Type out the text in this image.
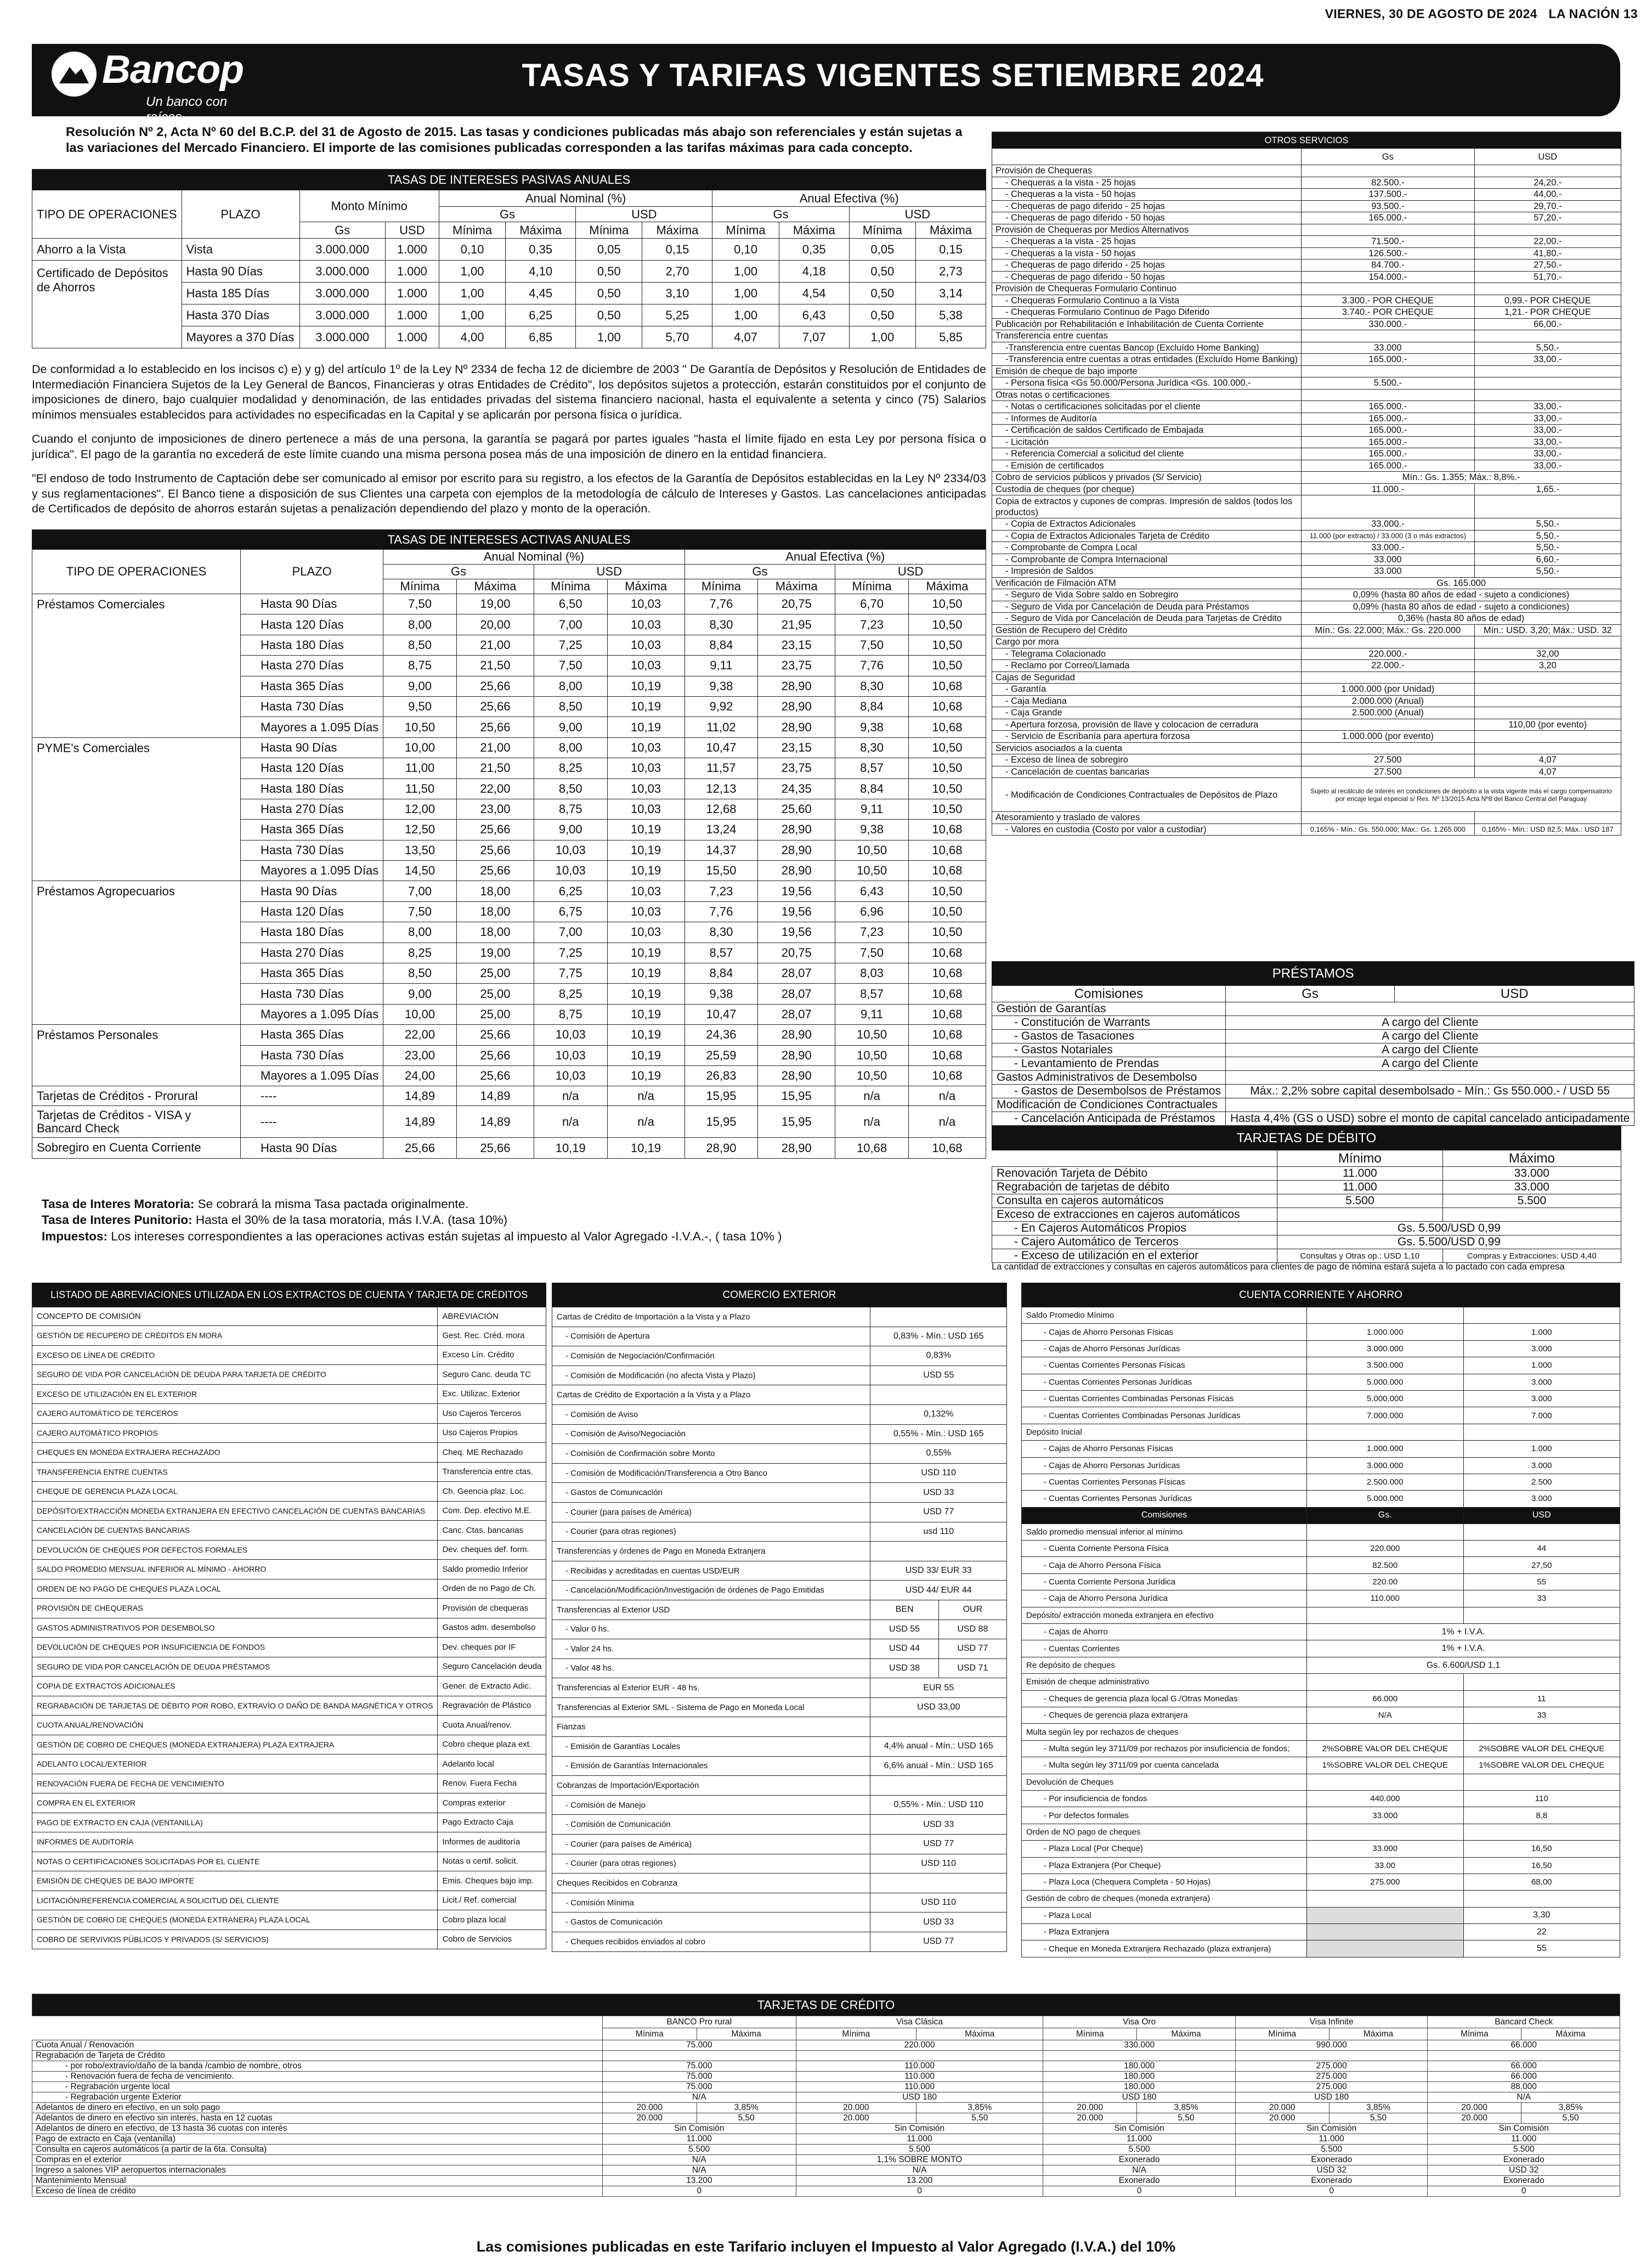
VIERNES, 30 DE AGOSTO DE 2024 LA NACIÓN 13
Bancop
Un banco con raíces
TASAS Y TARIFAS VIGENTES SETIEMBRE 2024
Resolución Nº 2, Acta Nº 60 del B.C.P. del 31 de Agosto de 2015. Las tasas y condiciones publicadas más abajo son referenciales y están sujetas a las variaciones del Mercado Financiero. El importe de las comisiones publicadas corresponden a las tarifas máximas para cada concepto.
TASAS DE INTERESES PASIVAS ANUALES											
TIPO DE OPERACIONES	PLAZO	Monto Mínimo		Anual Nominal (%)				Anual Efectiva (%)			
				Gs		USD		Gs		USD	
		Gs	USD	Mínima	Máxima	Mínima	Máxima	Mínima	Máxima	Mínima	Máxima
Ahorro a la Vista	Vista	3.000.000	1.000	0,10	0,35	0,05	0,15	0,10	0,35	0,05	0,15
Certificado de Depósitos de Ahorros	Hasta 90 Días	3.000.000	1.000	1,00	4,10	0,50	2,70	1,00	4,18	0,50	2,73
	Hasta 185 Días	3.000.000	1.000	1,00	4,45	0,50	3,10	1,00	4,54	0,50	3,14
	Hasta 370 Días	3.000.000	1.000	1,00	6,25	0,50	5,25	1,00	6,43	0,50	5,38
	Mayores a 370 Días	3.000.000	1.000	4,00	6,85	1,00	5,70	4,07	7,07	1,00	5,85

De conformidad a lo establecido en los incisos c) e) y g) del artículo 1º de la Ley Nº 2334 de fecha 12 de diciembre de 2003 " De Garantía de Depósitos y Resolución de Entidades de Intermediación Financiera Sujetos de la Ley General de Bancos, Financieras y otras Entidades de Crédito", los depósitos sujetos a protección, estarán constituidos por el conjunto de imposiciones de dinero, bajo cualquier modalidad y denominación, de las entidades privadas del sistema financiero nacional, hasta el equivalente a setenta y cinco (75) Salarios mínimos mensuales establecidos para actividades no especificadas en la Capital y se aplicarán por persona física o jurídica.

Cuando el conjunto de imposiciones de dinero pertenece a más de una persona, la garantía se pagará por partes iguales "hasta el límite fijado en esta Ley por persona física o jurídica". El pago de la garantía no excederá de este límite cuando una misma persona posea más de una imposición de dinero en la entidad financiera.

"El endoso de todo Instrumento de Captación debe ser comunicado al emisor por escrito para su registro, a los efectos de la Garantía de Depósitos establecidas en la Ley Nº 2334/03 y sus reglamentaciones". El Banco tiene a disposición de sus Clientes una carpeta con ejemplos de la metodología de cálculo de Intereses y Gastos. Las cancelaciones anticipadas de Certificados de depósito de ahorros estarán sujetas a penalización dependiendo del plazo y monto de la operación.

TASAS DE INTERESES ACTIVAS ANUALES									
TIPO DE OPERACIONES	PLAZO	Anual Nominal (%)				Anual Efectiva (%)			
		Gs		USD		Gs		USD	
		Mínima	Máxima	Mínima	Máxima	Mínima	Máxima	Mínima	Máxima
Préstamos Comerciales	Hasta 90 Días	7,50	19,00	6,50	10,03	7,76	20,75	6,70	10,50
	Hasta 120 Días	8,00	20,00	7,00	10,03	8,30	21,95	7,23	10,50
	Hasta 180 Días	8,50	21,00	7,25	10,03	8,84	23,15	7,50	10,50
	Hasta 270 Días	8,75	21,50	7,50	10,03	9,11	23,75	7,76	10,50
	Hasta 365 Días	9,00	25,66	8,00	10,19	9,38	28,90	8,30	10,68
	Hasta 730 Días	9,50	25,66	8,50	10,19	9,92	28,90	8,84	10,68
	Mayores a 1.095 Días	10,50	25,66	9,00	10,19	11,02	28,90	9,38	10,68
PYME's Comerciales	Hasta 90 Días	10,00	21,00	8,00	10,03	10,47	23,15	8,30	10,50
	Hasta 120 Días	11,00	21,50	8,25	10,03	11,57	23,75	8,57	10,50
	Hasta 180 Días	11,50	22,00	8,50	10,03	12,13	24,35	8,84	10,50
	Hasta 270 Días	12,00	23,00	8,75	10,03	12,68	25,60	9,11	10,50
	Hasta 365 Días	12,50	25,66	9,00	10,19	13,24	28,90	9,38	10,68
	Hasta 730 Días	13,50	25,66	10,03	10,19	14,37	28,90	10,50	10,68
	Mayores a 1.095 Días	14,50	25,66	10,03	10,19	15,50	28,90	10,50	10,68
Préstamos Agropecuarios	Hasta 90 Días	7,00	18,00	6,25	10,03	7,23	19,56	6,43	10,50
	Hasta 120 Días	7,50	18,00	6,75	10,03	7,76	19,56	6,96	10,50
	Hasta 180 Días	8,00	18,00	7,00	10,03	8,30	19,56	7,23	10,50
	Hasta 270 Días	8,25	19,00	7,25	10,19	8,57	20,75	7,50	10,68
	Hasta 365 Días	8,50	25,00	7,75	10,19	8,84	28,07	8,03	10,68
	Hasta 730 Días	9,00	25,00	8,25	10,19	9,38	28,07	8,57	10,68
	Mayores a 1.095 Días	10,00	25,00	8,75	10,19	10,47	28,07	9,11	10,68
Préstamos Personales	Hasta 365 Días	22,00	25,66	10,03	10,19	24,36	28,90	10,50	10,68
	Hasta 730 Días	23,00	25,66	10,03	10,19	25,59	28,90	10,50	10,68
	Mayores a 1.095 Días	24,00	25,66	10,03	10,19	26,83	28,90	10,50	10,68
Tarjetas de Créditos - Prorural	----	14,89	14,89	n/a	n/a	15,95	15,95	n/a	n/a
Tarjetas de Créditos - VISA y Bancard Check	----	14,89	14,89	n/a	n/a	15,95	15,95	n/a	n/a
Sobregiro en Cuenta Corriente	Hasta 90 Días	25,66	25,66	10,19	10,19	28,90	28,90	10,68	10,68
Tasa de Interes Moratoria: Se cobrará la misma Tasa pactada originalmente.
Tasa de Interes Punitorio: Hasta el 30% de la tasa moratoria, más I.V.A. (tasa 10%)
Impuestos: Los intereses correspondientes a las operaciones activas están sujetas al impuesto al Valor Agregado -I.V.A.-, ( tasa 10% )
OTROS SERVICIOS		
	Gs	USD
Provisión de Chequeras		
- Chequeras a la vista - 25 hojas	82.500.-	24,20.-
- Chequeras a la vista - 50 hojas	137.500.-	44,00.-
- Chequeras de pago diferido - 25 hojas	93.500.-	29,70.-
- Chequeras de pago diferido - 50 hojas	165.000.-	57,20.-
Provisión de Chequeras por Medios Alternativos		
- Chequeras a la vista - 25 hojas	71.500.-	22,00.-
- Chequeras a la vista - 50 hojas	126.500.-	41,80.-
- Chequeras de pago diferido - 25 hojas	84.700.-	27,50.-
- Chequeras de pago diferido - 50 hojas	154.000.-	51,70.-
Provisión de Chequeras Formulario Continuo		
- Chequeras Formulario Continuo a la Vista	3.300.- POR CHEQUE	0,99.- POR CHEQUE
- Chequeras Formulario Continuo de Pago Diferido	3.740.- POR CHEQUE	1,21.- POR CHEQUE
Publicación por Rehabilitación e Inhabilitación de Cuenta Corriente	330.000.-	66,00.-
Transferencia entre cuentas		
-Transferencia entre cuentas Bancop (Excluído Home Banking)	33.000	5,50.-
-Transferencia entre cuentas a otras entidades (Excluído Home Banking)	165.000.-	33,00.-
Emisión de cheque de bajo importe		
- Persona física <Gs 50.000/Persona Jurídica <Gs. 100.000.-	5.500.-	
Otras notas o certificaciones		
- Notas o certificaciones solicitadas por el cliente	165.000.-	33,00.-
- Informes de Auditoría	165.000.-	33,00.-
- Certificación de saldos Certificado de Embajada	165.000.-	33,00.-
- Licitación	165.000.-	33,00.-
- Referencia Comercial a solicitud del cliente	165.000.-	33,00.-
- Emisión de certificados	165.000.-	33,00.-
Cobro de servicios públicos y privados (S/ Servicio)	Mín.: Gs. 1.355; Máx.: 8,8%.-	
Custodia de cheques (por cheque)	11.000.-	1,65.-
Copia de extractos y cupones de compras. Impresión de saldos (todos los productos)		
- Copia de Extractos Adicionales	33.000.-	5,50.-
- Copia de Extractos Adicionales Tarjeta de Crédito	11.000 (por extracto) / 33.000 (3 o más extractos)	5,50.-
- Comprobante de Compra Local	33.000.-	5,50.-
- Comprobante de Compra Internacional	33.000	6,60.-
- Impresión de Saldos	33.000	5,50.-
Verificación de Filmación ATM	Gs. 165.000	
- Seguro de Vida Sobre saldo en Sobregiro	0,09% (hasta 80 años de edad - sujeto a condiciones)	
- Seguro de Vida por Cancelación de Deuda para Préstamos	0,09% (hasta 80 años de edad - sujeto a condiciones)	
- Seguro de Vida por Cancelación de Deuda para Tarjetas de Crédito	0,36% (hasta 80 años de edad)	
Gestión de Recupero del Crédito	Mín.: Gs. 22.000; Máx.: Gs. 220.000	Mín.: USD. 3,20; Máx.: USD. 32
Cargo por mora		
- Telegrama Colacionado	220.000.-	32,00
- Reclamo por Correo/Llamada	22.000.-	3,20
Cajas de Seguridad		
- Garantía	1.000.000 (por Unidad)	
- Caja Mediana	2.000.000 (Anual)	
- Caja Grande	2.500.000 (Anual)	
- Apertura forzosa, provisión de llave y colocacion de cerradura		110,00 (por evento)
- Servicio de Escribanía para apertura forzosa	1.000.000 (por evento)	
Servicios asociados a la cuenta		
- Exceso de línea de sobregiro	27.500	4,07
- Cancelación de cuentas bancarias	27.500	4,07
- Modificación de Condiciones Contractuales de Depósitos de Plazo	Sujeto al recálculo de interés en condiciones de depósito a la vista vigente más el cargo compensatorio por encaje legal especial s/ Res. Nº 13/2015 Acta Nº8 del Banco Central del Paraguay	
Atesoramiento y traslado de valores		
- Valores en custodia (Costo por valor a custodiar)	0,165% - Mín.: Gs. 550.000; Máx.: Gs. 1.265.000	0,165% - Mín.: USD 82,5; Máx.: USD 187
PRÉSTAMOS		
Comisiones	Gs	USD
Gestión de Garantías		
- Constitución de Warrants	A cargo del Cliente	
- Gastos de Tasaciones	A cargo del Cliente	
- Gastos Notariales	A cargo del Cliente	
- Levantamiento de Prendas	A cargo del Cliente	
Gastos Administrativos de Desembolso		
- Gastos de Desembolsos de Préstamos	Máx.: 2,2% sobre capital desembolsado - Mín.: Gs 550.000.- / USD 55	
Modificación de Condiciones Contractuales		
- Cancelación Anticipada de Préstamos	Hasta 4,4% (GS o USD) sobre el monto de capital cancelado anticipadamente	
TARJETAS DE DÉBITO		
	Mínimo	Máximo
Renovación Tarjeta de Débito	11.000	33.000
Regrabación de tarjetas de débito	11.000	33.000
Consulta en cajeros automáticos	5.500	5.500
Exceso de extracciones en cajeros automáticos		
- En Cajeros Automáticos Propios	Gs. 5.500/USD 0,99	
- Cajero Automático de Terceros	Gs. 5.500/USD 0,99	
- Exceso de utilización en el exterior	Consultas y Otras op.: USD 1,10	Compras y Extracciones: USD 4,40
La cantidad de extracciones y consultas en cajeros automáticos para clientes de pago de nómina estará sujeta a lo pactado con cada empresa
LISTADO DE ABREVIACIONES UTILIZADA EN LOS EXTRACTOS DE CUENTA Y TARJETA DE CRÉDITOS	
CONCEPTO DE COMISIÓN	ABREVIACIÓN
GESTIÓN DE RECUPERO DE CRÉDITOS EN MORA	Gest. Rec. Créd. mora
EXCESO DE LÍNEA DE CRÉDITO	Exceso Lín. Crédito
SEGURO DE VIDA POR CANCELACIÓN DE DEUDA PARA TARJETA DE CRÉDITO	Seguro Canc. deuda TC
EXCESO DE UTILIZACIÓN EN EL EXTERIOR	Exc. Utilizac. Exterior
CAJERO AUTOMÁTICO DE TERCEROS	Uso Cajeros Terceros
CAJERO AUTOMÁTICO PROPIOS	Uso Cajeros Propios
CHEQUES EN MONEDA EXTRAJERA RECHAZADO	Cheq. ME Rechazado
TRANSFERENCIA ENTRE CUENTAS	Transferencia entre ctas.
CHEQUE DE GERENCIA PLAZA LOCAL	Ch. Geencia plaz. Loc.
DEPÓSITO/EXTRACCIÓN MONEDA EXTRANJERA EN EFECTIVO CANCELACIÓN DE CUENTAS BANCARIAS	Com. Dep. efectivo M.E.
CANCELACIÓN DE CUENTAS BANCARIAS	Canc. Ctas. bancarias
DEVOLUCIÓN DE CHEQUES POR DEFECTOS FORMALES	Dev. cheques def. form.
SALDO PROMEDIO MENSUAL INFERIOR AL MÍNIMO - AHORRO	Saldo promedio Inferior
ORDEN DE NO PAGO DE CHEQUES PLAZA LOCAL	Orden de no Pago de Ch.
PROVISIÓN DE CHEQUERAS	Provisión de chequeras
GASTOS ADMINISTRATIVOS POR DESEMBOLSO	Gastos adm. desembolso
DEVOLUCIÓN DE CHEQUES POR INSUFICIENCIA DE FONDOS	Dev. cheques por IF
SEGURO DE VIDA POR CANCELACIÓN DE DEUDA PRÉSTAMOS	Seguro Cancelación deuda
COPIA DE EXTRACTOS ADICIONALES	Gener. de Extracto Adic.
REGRABACIÓN DE TARJETAS DE DÉBITO POR ROBO, EXTRAVÍO O DAÑO DE BANDA MAGNÉTICA Y OTROS	Regravación de Plástico
CUOTA ANUAL/RENOVACIÓN	Cuota Anual/renov.
GESTIÓN DE COBRO DE CHEQUES (MONEDA EXTRANJERA) PLAZA EXTRAJERA	Cobro cheque plaza ext.
ADELANTO LOCAL/EXTERIOR	Adelanto local
RENOVACIÓN FUERA DE FECHA DE VENCIMIENTO	Renov. Fuera Fecha
COMPRA EN EL EXTERIOR	Compras exterior
PAGO DE EXTRACTO EN CAJA (VENTANILLA)	Pago Extracto Caja
INFORMES DE AUDITORÍA	Informes de auditoría
NOTAS O CERTIFICACIONES SOLICITADAS POR EL CLIENTE	Notas o certif. solicit.
EMISIÓN DE CHEQUES DE BAJO IMPORTE	Emis. Cheques bajo imp.
LICITACIÓN/REFERENCIA COMERCIAL A SOLICITUD DEL CLIENTE	Licit./ Ref. comercial
GESTIÓN DE COBRO DE CHEQUES (MONEDA EXTRANERA) PLAZA LOCAL	Cobro plaza local
COBRO DE SERVIVIOS PÚBLICOS Y PRIVADOS (S/ SERVICIOS)	Cobro de Servicios
COMERCIO EXTERIOR		
Cartas de Crédito de Importación a la Vista y a Plazo		
- Comisión de Apertura	0,83% - Mín.: USD 165	
- Comisión de Negociación/Confirmación	0,83%	
- Comisión de Modificación (no afecta Vista y Plazo)	USD 55	
Cartas de Crédito de Exportación a la Vista y a Plazo		
- Comisión de Aviso	0,132%	
- Comisión de Aviso/Negociación	0,55% - Mín.: USD 165	
- Comisión de Confirmación sobre Monto	0,55%	
- Comisión de Modificación/Transferencia a Otro Banco	USD 110	
- Gastos de Comunicación	USD 33	
- Courier (para países de América)	USD 77	
- Courier (para otras regiones)	usd 110	
Transferencias y órdenes de Pago en Moneda Extranjera		
- Recibidas y acreditadas en cuentas USD/EUR	USD 33/ EUR 33	
- Cancelación/Modificación/Investigación de órdenes de Pago Emitidas	USD 44/ EUR 44	
Transferencias al Exterior USD	BEN	OUR
- Valor 0 hs.	USD 55	USD 88
- Valor 24 hs.	USD 44	USD 77
- Valor 48 hs.	USD 38	USD 71
Transferencias al Exterior EUR - 48 hs.	EUR 55	
Transferencias al Exterior SML - Sistema de Pago en Moneda Local	USD 33,00	
Fianzas		
- Emisión de Garantías Locales	4,4% anual - Mín.: USD 165	
- Emisión de Garantías Internacionales	6,6% anual - Mín.: USD 165	
Cobranzas de Importación/Exportación		
- Comisión de Manejo	0,55% - Mín.: USD 110	
- Comisión de Comunicación	USD 33	
- Courier (para países de América)	USD 77	
- Courier (para otras regiones)	USD 110	
Cheques Recibidos en Cobranza		
- Comisión Mínima	USD 110	
- Gastos de Comunicación	USD 33	
- Cheques recibidos enviados al cobro	USD 77	
CUENTA CORRIENTE Y AHORRO		
Saldo Promedio Mínimo		
- Cajas de Ahorro Personas Físicas	1.000.000	1.000
- Cajas de Ahorro Personas Jurídicas	3.000.000	3.000
- Cuentas Corrientes Personas Físicas	3.500.000	1.000
- Cuentas Corrientes Personas Jurídicas	5.000.000	3.000
- Cuentas Corrientes Combinadas Personas Físicas	5.000.000	3.000
- Cuentas Corrientes Combinadas Personas Jurídicas	7.000.000	7.000
Depósito Inicial		
- Cajas de Ahorro Personas Físicas	1.000.000	1.000
- Cajas de Ahorro Personas Jurídicas	3.000.000	3.000
- Cuentas Corrientes Personas Físicas	2.500.000	2.500
- Cuentas Corrientes Personas Jurídicas	5.000.000	3.000
Comisiones	Gs.	USD
Saldo promedio mensual inferior al mínimo		
- Cuenta Corriente Persona Física	220.000	44
- Caja de Ahorro Persona Física	82.500	27,50
- Cuenta Corriente Persona Jurídica	220.00	55
- Caja de Ahorro Persona Jurídica	110.000	33
Depósito/ extracción moneda extranjera en efectivo		
- Cajas de Ahorro	1% + I.V.A.	
- Cuentas Corrientes	1% + I.V.A.	
Re depósito de cheques	Gs. 6.600/USD 1,1	
Emisión de cheque administrativo		
- Cheques de gerencia plaza local G./Otras Monedas	66.000	11
- Cheques de gerencia plaza extranjera	N/A	33
Multa según ley por rechazos de cheques		
- Multa según ley 3711/09 por rechazos por insuficiencia de fondos;	2%SOBRE VALOR DEL CHEQUE	2%SOBRE VALOR DEL CHEQUE
- Multa según ley 3711/09 por cuenta cancelada	1%SOBRE VALOR DEL CHEQUE	1%SOBRE VALOR DEL CHEQUE
Devolución de Cheques		
- Por insuficiencia de fondos	440.000	110
- Por defectos formales	33.000	8,8
Orden de NO pago de cheques		
- Plaza Local (Por Cheque)	33.000	16,50
- Plaza Extranjera (Por Cheque)	33.00	16,50
- Plaza Loca (Chequera Completa - 50 Hojas)	275.000	68,00
Gestión de cobro de cheques (moneda extranjera)		
- Plaza Local		3,30
- Plaza Extranjera		22
- Cheque en Moneda Extranjera Rechazado (plaza extranjera)		55
TARJETAS DE CRÉDITO										
	BANCO Pro rural		Visa Clásica		Visa Oro		Visa Infinite		Bancard Check	
	Mínima	Máxima	Mínima	Máxima	Mínima	Máxima	Mínima	Máxima	Mínima	Máxima
Cuota Anual / Renovación	75.000		220.000		330.000		990.000		66.000	
Regrabación de Tarjeta de Crédito										
- por robo/extravío/daño de la banda /cambio de nombre, otros	75.000		110.000		180.000		275.000		66.000	
- Renovación fuera de fecha de vencimiento.	75.000		110.000		180.000		275.000		66.000	
- Regrabación urgente local	75.000		110.000		180.000		275.000		88.000	
- Regrabación urgente Exterior	N/A		USD 180		USD 180		USD 180		N/A	
Adelantos de dinero en efectivo, en un solo pago	20.000	3,85%	20.000	3,85%	20.000	3,85%	20.000	3,85%	20.000	3,85%
Adelantos de dinero en efectivo sin interés, hasta en 12 cuotas	20.000	5,50	20.000	5,50	20.000	5,50	20.000	5,50	20.000	5,50
Adelantos de dinero en efectivo, de 13 hasta 36 cuotas con interés	Sin Comisión		Sin Comisión		Sin Comisión		Sin Comisión		Sin Comisión	
Pago de extracto en Caja (ventanilla)	11.000		11.000		11.000		11.000		11.000	
Consulta en cajeros automáticos (a partir de la 6ta. Consulta)	5.500		5.500		5.500		5.500		5.500	
Compras en el exterior	N/A		1,1% SOBRE MONTO		Exonerado		Exonerado		Exonerado	
Ingreso a salones VIP aeropuertos internacionales	N/A		N/A		N/A		USD 32		USD 32	
Mantenimiento Mensual	13.200		13.200		Exonerado		Exonerado		Exonerado	
Exceso de línea de crédito	0		0		0		0		0	
Las comisiones publicadas en este Tarifario incluyen el Impuesto al Valor Agregado (I.V.A.) del 10%
